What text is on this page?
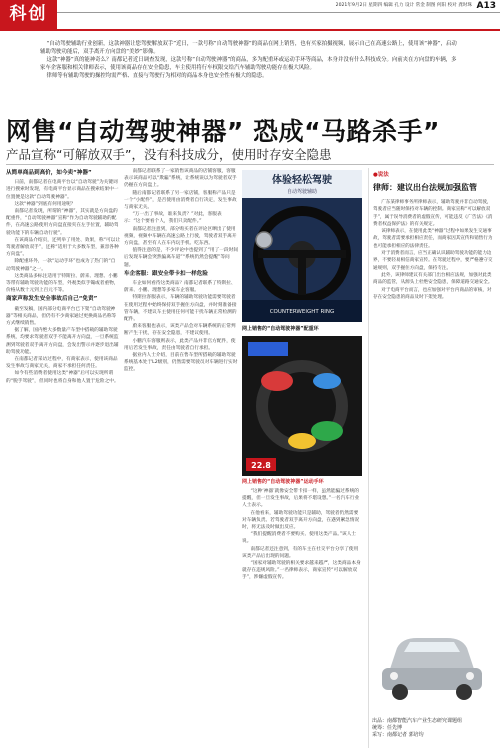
科创	2021年9月2日 星期四 编辑 孔力 设计 常金 制图 何阳 校对 龚时珠 A13

“自动驾驶辅助行业创新，这款神器让您驾驶解放双手”近日，一款号称“自动驾驶神器”的商品在网上销售，也有买家拍摄视频，展示自己在高速公路上，使用该“神器”，启动辅助驾驶功能后，双手离开方向盘的“美妙”影像。

这款“神器”真的能神奇么？南都记者近日调查发现，这款号称“自动驾驶神器”的商品，多为配重环或运动手环等商品，本身并没有什么科技成分。向前夹在方向盘的车辆，多家车企客服和相关律师表示，使用该商品存在安全隐患，车主使用将行车权限交给汽车辅助驾驶功能存在极大风险。

律师等有辅助驾驶的操控均需严格、直接与驾驶行为相对的商品本身也安全性有极大的隐患。

网售“自动驾驶神器” 恐成“马路杀手”
产品宣称“可解放双手”，没有科技成分，使用时存安全隐患
从简单商品到高价，如今卖“神器”

日前，南都记者在电商平台以“自动驾驶”为关键词进行搜索时发现，有电商平台显示商品在搜索结果中一位置便是这款“自动驾驶神器”。

这款“神器”到底有何用途呢？

南都记者发现，所谓的“神器”，其实就是方向盘的配重件，“自动驾驶神器”宣称“作为自动驾驶辅助的配件，在高速公路使用方向盘直接夹在左手位置，辅助驾驶功能下的车辆自动行驶”。

在该商品介绍页，还列举了用处、效果，称“可以让驾驶者解放双手”，还称“适用于大多数车型，兼容各种方向盘”。

除配重环外，一款“运动手环”也成为了热门的“自动驾驶神器”之一。

这类商品多标注适用于特斯拉、蔚来、理想、小鹏等带有辅助驾驶功能的车型，外观类似手镯或者重物，价格从数十元到上百元不等。

商家声称发生安全事故后自己“免责”

截至发稿，国内部分电商平台已下架“自动驾驶神器”等相关商品，但仍有不少商家通过更换商品名称等方式继续销售。

据了解，国内绝大多数量产车型中搭载的辅助驾驶系统，均要求驾驶者双手不能离开方向盘，一旦系统监测到驾驶者双手离开方向盘，会发出警示并逐步退出辅助驾驶功能。

在南都记者采访过程中，有商家表示，使用该商品发生事故与商家无关，商家不承担任何责任。

如今有些消费者使用这类“神器”后可以实现所谓的“脱手驾驶”，但同时也将自身和他人置于危险之中。

南都记者联系了一家销售该商品的店铺客服，客服表示该商品可以“欺骗”系统，让系统误以为驾驶者双手仍握在方向盘上。

随后南都记者联系了另一家店铺，客服称产品只是一个“小配件”，是否使用由消费者自行决定，发生事故与商家无关。

“万一出了事故，谁来负责？”对此，客服表示：“这个要看个人，我们只卖配件。”

南都记者注意到，部分购买者在评论区晒出了使用视频，视频中车辆在高速公路上行驶，驾驶者双手离开方向盘，甚至有人在车内玩手机、吃东西。

值得注意的是，不少评论中也提到了“用了一段时间后发现车辆会突然偏离车道”“系统仍然会提醒”等问题。

车企客服：跟安全带卡扣一样危险

车企如何看待这类商品？南都记者联系了特斯拉、蔚来、小鹏、理想等多家车企客服。

特斯拉客服表示，车辆的辅助驾驶功能需要驾驶者在使用过程中始终保持双手握住方向盘，并时刻准备接管车辆，不建议车主使用任何可能干扰车辆正常检测的配件。

蔚来客服也表示，该类产品会对车辆系统的正常判断产生干扰，存在安全隐患，不建议使用。

小鹏汽车客服则表示，此类产品并非官方配件，使用后若发生事故，责任由驾驶者自行承担。

据业内人士介绍，目前在售车型所搭载的辅助驾驶系统基本处于L2级别，仍然需要驾驶员对车辆进行实时监控。

体验轻松驾驶
自动驾驶辅助
COUNTERWEIGHT RING
网上销售的“自动驾驶神器”配重环
22.8

“这种‘神器’就像安全带卡扣一样，虽然能骗过系统的提醒，但一旦发生事故，后果将不堪设想。”一名汽车行业人士表示。

在他看来，辅助驾驶功能只是辅助，驾驶者仍然需要对车辆负责。若驾驶者双手离开方向盘，在遇到紧急情况时，将无法及时做出反应。

“我们提醒消费者不要购买、使用这类产品。”该人士说。

南都记者还注意到，有的车主在社交平台分享了使用该类产品后出现的问题。

“国家对辅助驾驶的相关要求越来越严，这类商品本身就存在违规风险。”一名律师表示，商家宣传“可以解放双手”，涉嫌虚假宣传。

网上销售的“自动驾驶神器”运动手环
●说法
律师：建议出台法规加强监管

广东某律师事务所律师表示，辅助驾驶并非自动驾驶，驾驶者应当随时保持对车辆的控制。商家宣称“可以解放双手”，属于误导消费者的虚假宣传，可能违反《广告法》《消费者权益保护法》的有关规定。

该律师表示，在使用此类“神器”过程中如果发生交通事故，驾驶者需要承担相应责任，而商家因其宣传和销售行为也可能承担相应的法律责任。

对于消费者而言，应当正确认识辅助驾驶功能的能力边界，不要轻易相信商家宣传。在驾驶过程中，要严格遵守交通规则，双手握住方向盘，保持专注。

此外，该律师建议有关部门出台相应法规，加强对此类商品的监管，从源头上杜绝安全隐患，保障道路交通安全。

对于电商平台而言，也应加强对平台内商品的审核，对存在安全隐患的商品及时下架处理。

出品：南都智能汽车产业生态研究课题组
统筹：任先博
采写：南都记者 郭培均
